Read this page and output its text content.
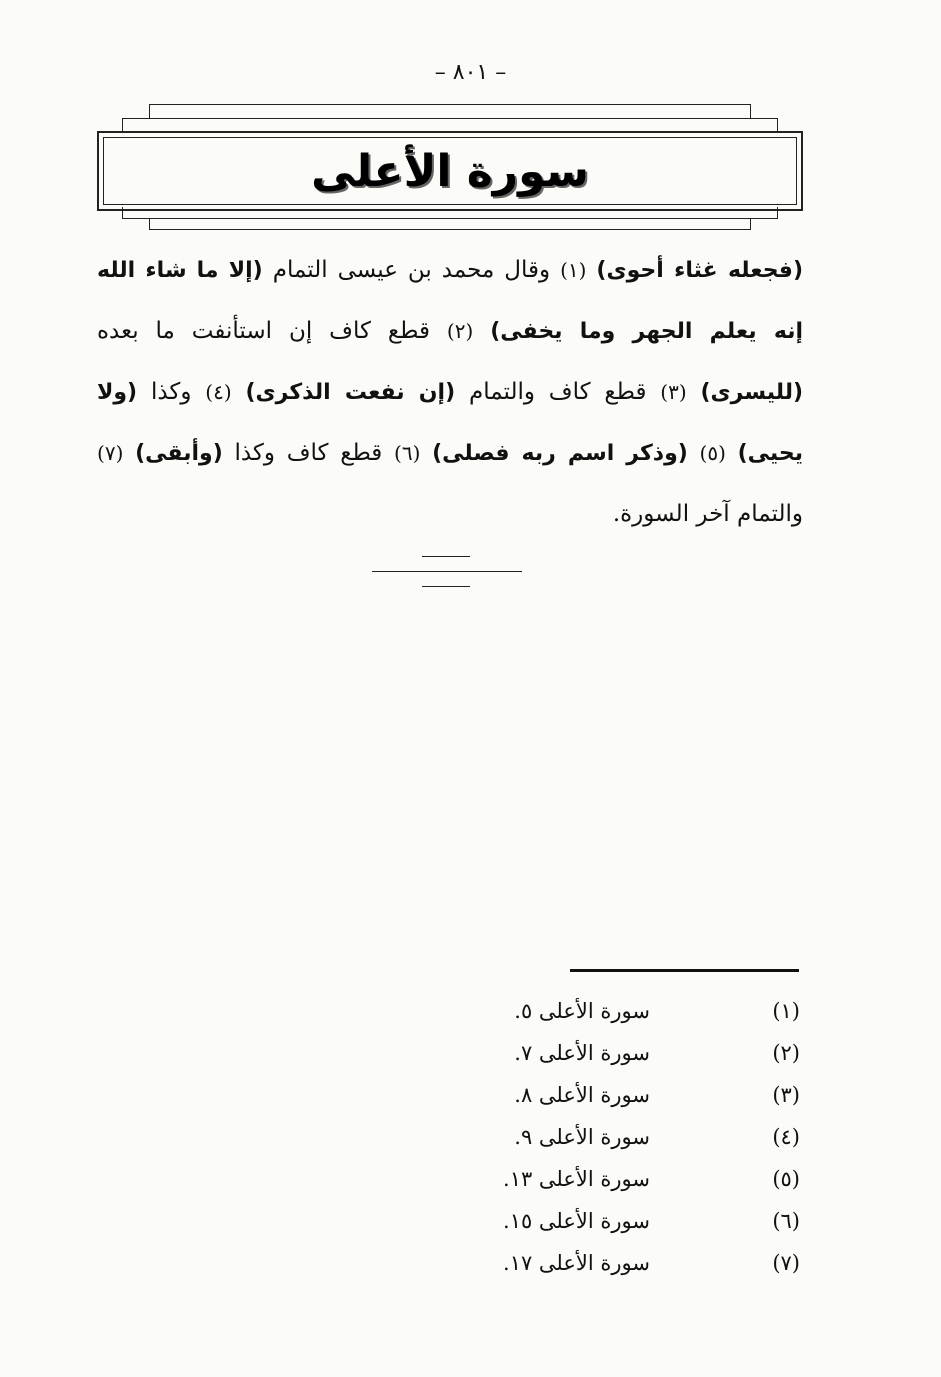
– ٨٠١ –
سورة الأعلى
(فجعله غثاء أحوى) (١) وقال محمد بن عيسى التمام (إلا ما شاء الله إنه يعلم الجهر وما يخفى) (٢) قطع كاف إن استأنفت ما بعده (لليسرى) (٣) قطع كاف والتمام (إن نفعت الذكرى) (٤) وكذا (ولا يحيى) (٥) (وذكر اسم ربه فصلى) (٦) قطع كاف وكذا (وأبقى) (٧) والتمام آخر السورة.
(١)
سورة الأعلى ٥.
(٢)
سورة الأعلى ٧.
(٣)
سورة الأعلى ٨.
(٤)
سورة الأعلى ٩.
(٥)
سورة الأعلى ١٣.
(٦)
سورة الأعلى ١٥.
(٧)
سورة الأعلى ١٧.
